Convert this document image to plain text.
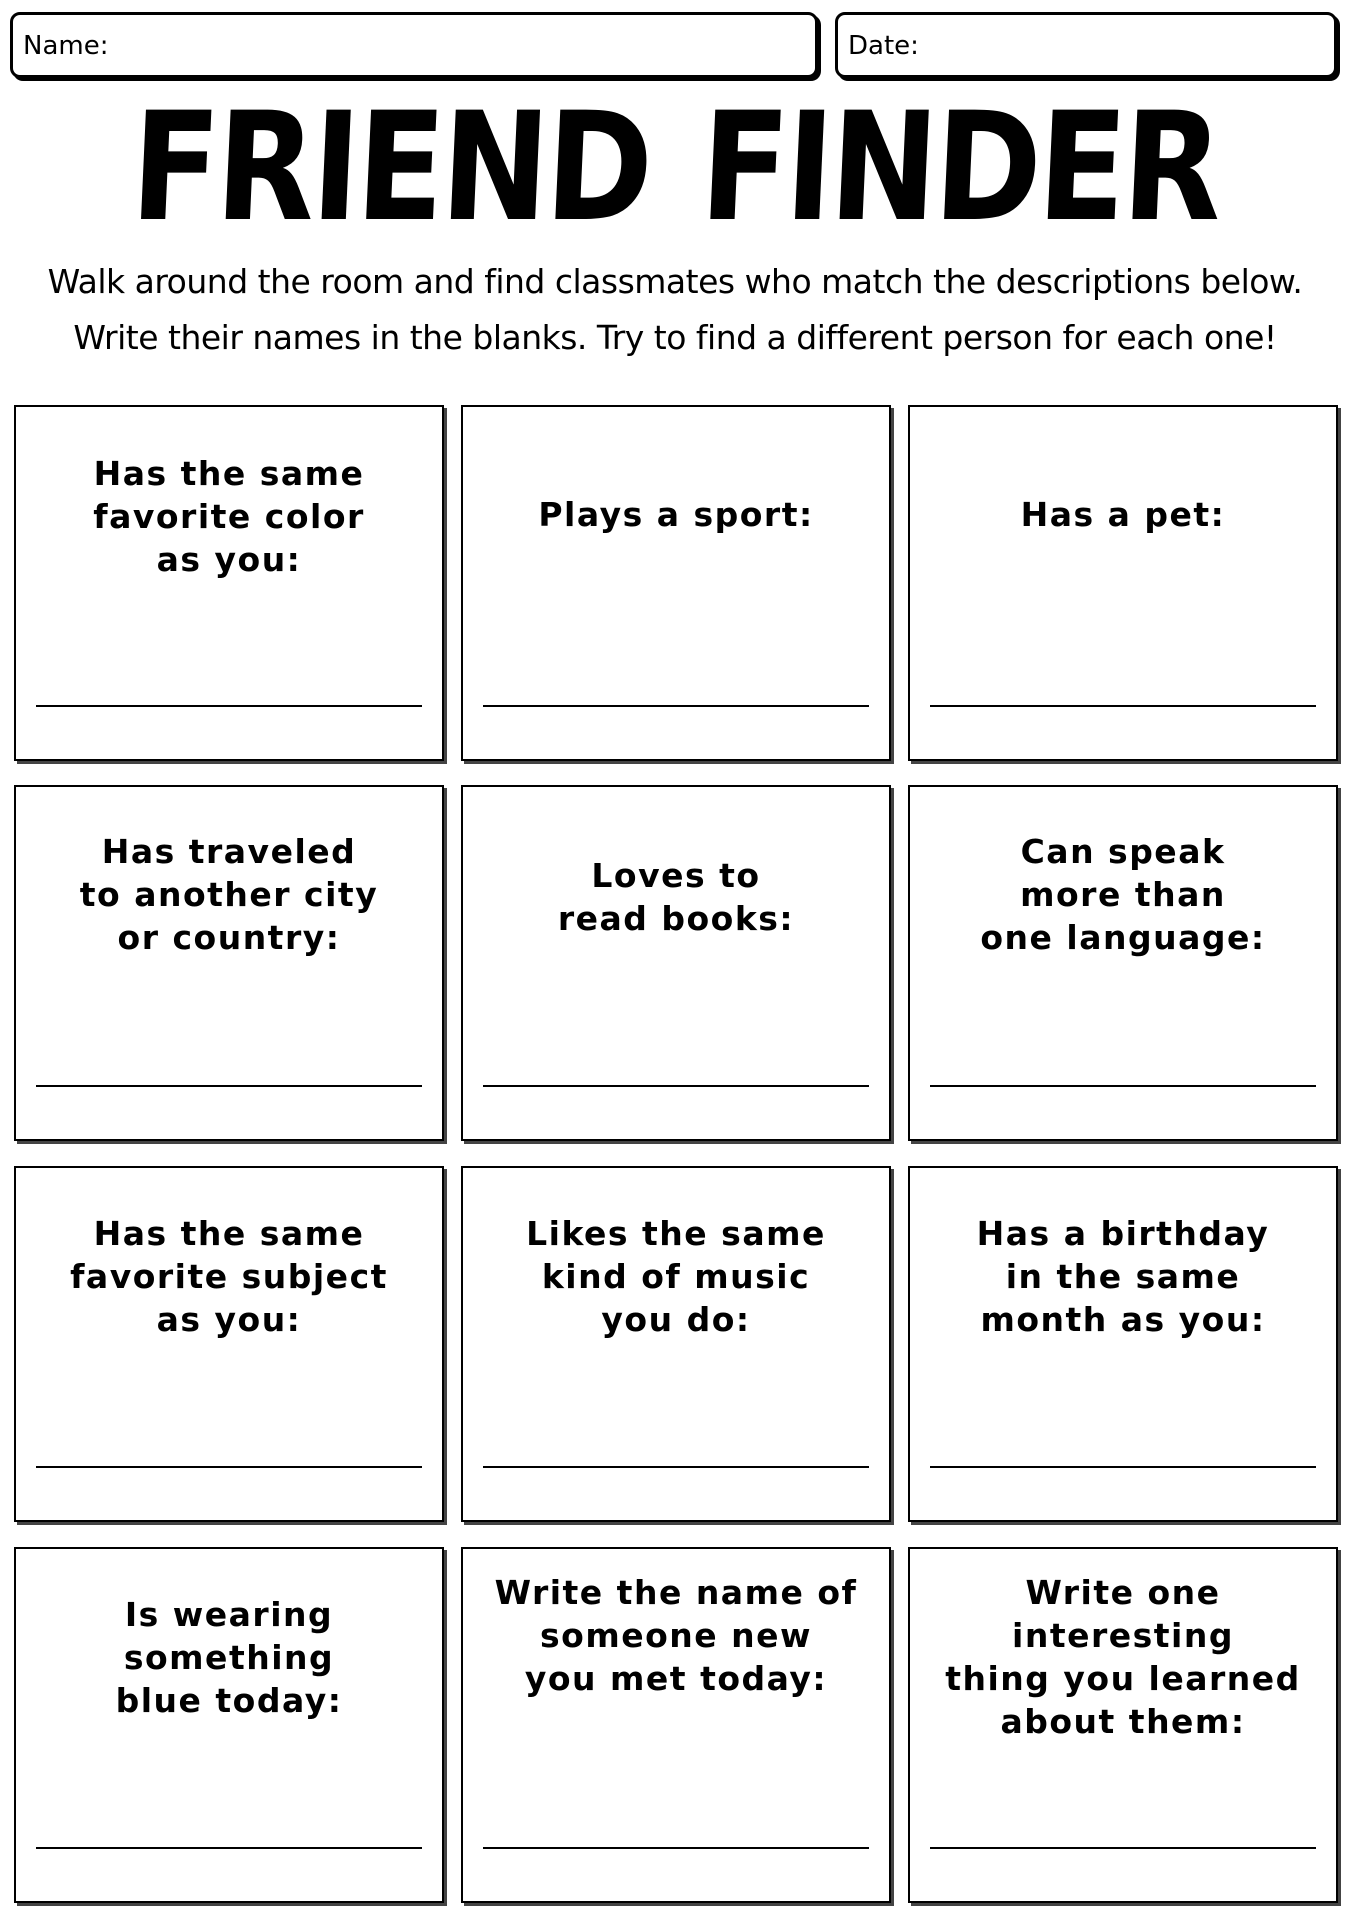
Name:	Date:
FRIEND FINDER
Walk around the room and find classmates who match the descriptions below.
Write their names in the blanks. Try to find a different person for each one!
Has the same
favorite color
as you:
Plays a sport:	Has a pet:
Has traveled
to another city
or country:
Loves to
read books:
Can speak
more than
one language:
Has the same
favorite subject
as you:
Likes the same
kind of music
you do:
Has a birthday
in the same
month as you:
Is wearing
something
blue today:
Write the name of
someone new
you met today:
Write one interesting
thing you learned
about them:
